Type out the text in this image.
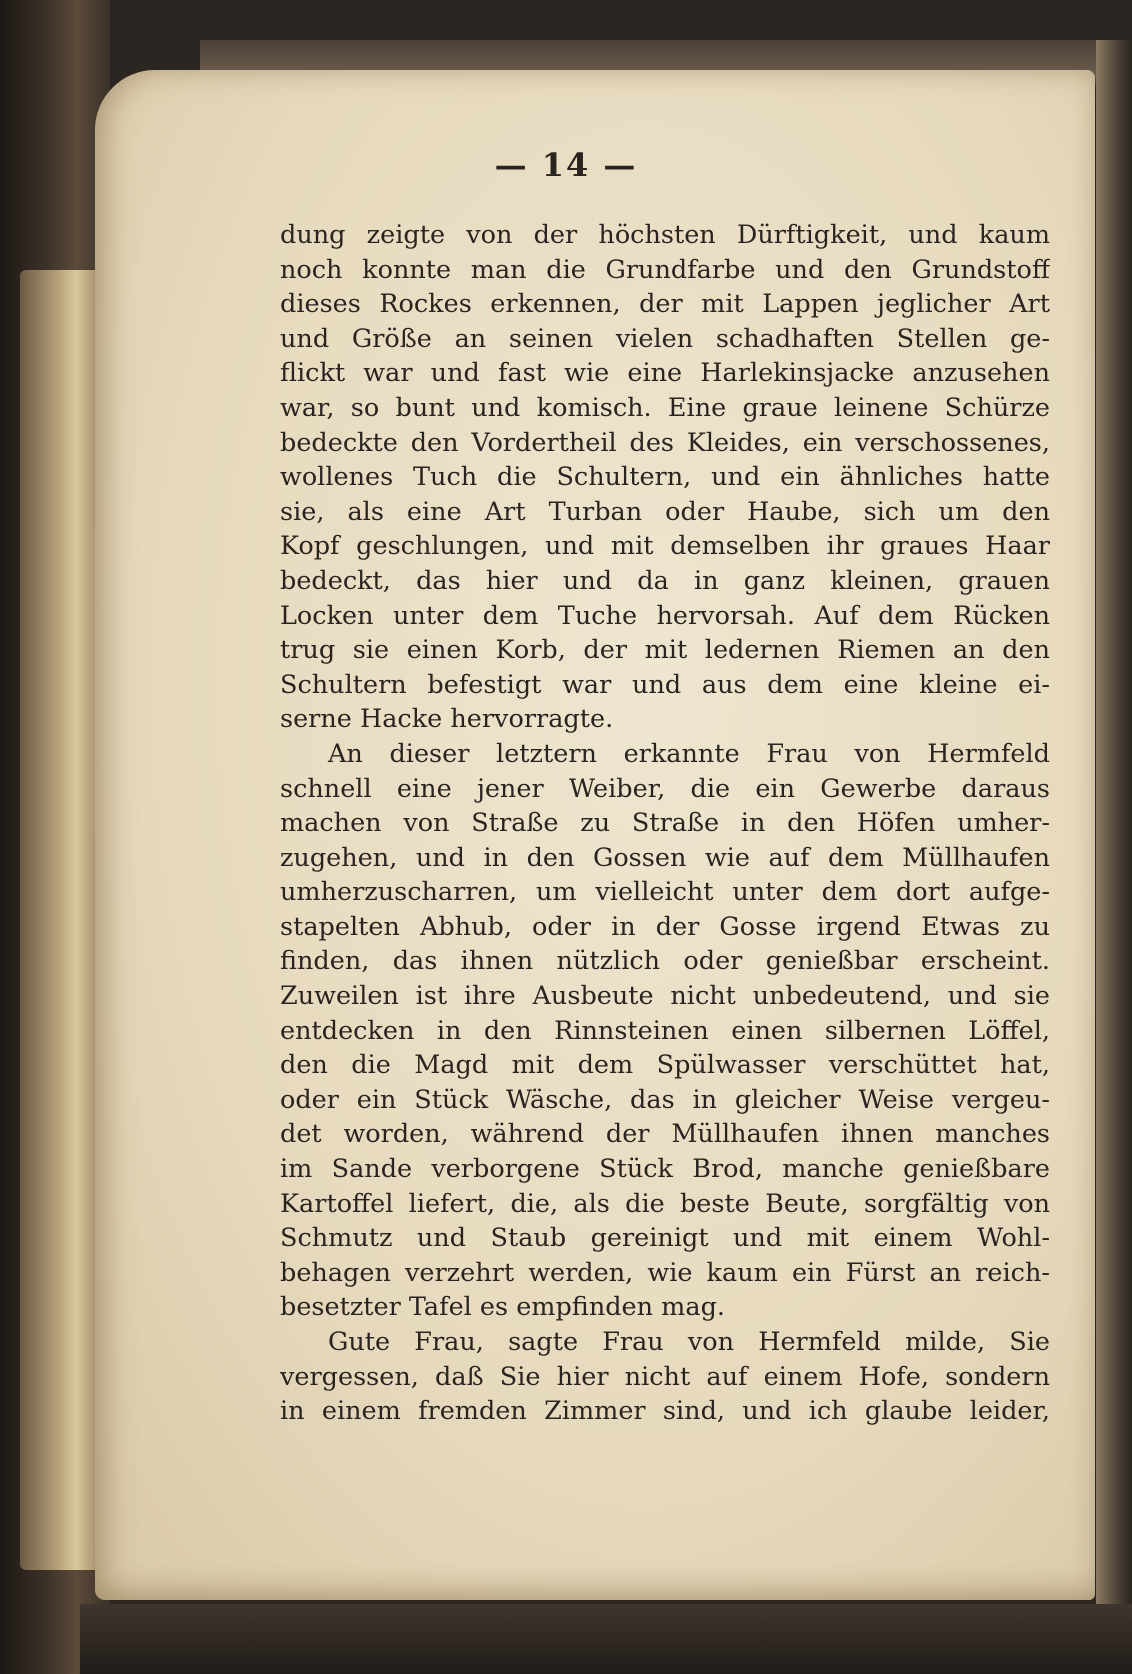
— 14 —
dung zeigte von der höchsten Dürftigkeit, und kaum
noch konnte man die Grundfarbe und den Grundstoff
dieses Rockes erkennen, der mit Lappen jeglicher Art
und Größe an seinen vielen schadhaften Stellen ge-
flickt war und fast wie eine Harlekinsjacke anzusehen
war, so bunt und komisch. Eine graue leinene Schürze
bedeckte den Vordertheil des Kleides, ein verschossenes,
wollenes Tuch die Schultern, und ein ähnliches hatte
sie, als eine Art Turban oder Haube, sich um den
Kopf geschlungen, und mit demselben ihr graues Haar
bedeckt, das hier und da in ganz kleinen, grauen
Locken unter dem Tuche hervorsah. Auf dem Rücken
trug sie einen Korb, der mit ledernen Riemen an den
Schultern befestigt war und aus dem eine kleine ei-
serne Hacke hervorragte.
An dieser letztern erkannte Frau von Hermfeld
schnell eine jener Weiber, die ein Gewerbe daraus
machen von Straße zu Straße in den Höfen umher-
zugehen, und in den Gossen wie auf dem Müllhaufen
umherzuscharren, um vielleicht unter dem dort aufge-
stapelten Abhub, oder in der Gosse irgend Etwas zu
finden, das ihnen nützlich oder genießbar erscheint.
Zuweilen ist ihre Ausbeute nicht unbedeutend, und sie
entdecken in den Rinnsteinen einen silbernen Löffel,
den die Magd mit dem Spülwasser verschüttet hat,
oder ein Stück Wäsche, das in gleicher Weise vergeu-
det worden, während der Müllhaufen ihnen manches
im Sande verborgene Stück Brod, manche genießbare
Kartoffel liefert, die, als die beste Beute, sorgfältig von
Schmutz und Staub gereinigt und mit einem Wohl-
behagen verzehrt werden, wie kaum ein Fürst an reich-
besetzter Tafel es empfinden mag.
Gute Frau, sagte Frau von Hermfeld milde, Sie
vergessen, daß Sie hier nicht auf einem Hofe, sondern
in einem fremden Zimmer sind, und ich glaube leider,
